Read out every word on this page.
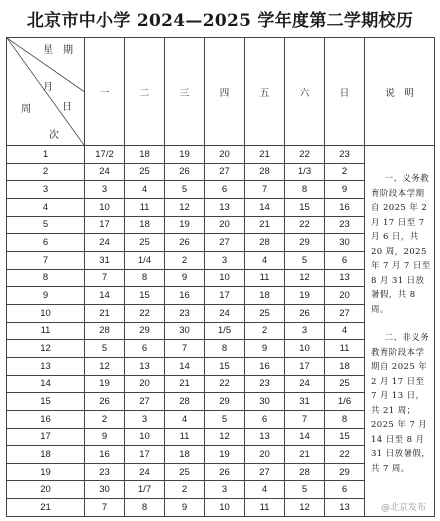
北京市中小学 2024—2025 学年度第二学期校历
星　期
月
日
周
次	一	二	三	四	五	六	日	说　明
1	17/2	18	19	20	21	22	23	一、义务教育阶段本学期自 2025 年 2 月 17 日至 7 月 6 日，共 20 周，2025 年 7 月 7 日至 8 月 31 日放暑假，共 8 周。
二、非义务教育阶段本学期自 2025 年 2 月 17 日至 7 月 13 日，共 21 周；2025 年 7 月 14 日至 8 月 31 日放暑假，共 7 周。

2	24	25	26	27	28	1/3	2	
3	3	4	5	6	7	8	9	
4	10	11	12	13	14	15	16	
5	17	18	19	20	21	22	23	
6	24	25	26	27	28	29	30	
7	31	1/4	2	3	4	5	6	
8	7	8	9	10	11	12	13	
9	14	15	16	17	18	19	20	
10	21	22	23	24	25	26	27	
11	28	29	30	1/5	2	3	4	
12	5	6	7	8	9	10	11	
13	12	13	14	15	16	17	18	
14	19	20	21	22	23	24	25	
15	26	27	28	29	30	31	1/6	
16	2	3	4	5	6	7	8	
17	9	10	11	12	13	14	15	
18	16	17	18	19	20	21	22	
19	23	24	25	26	27	28	29	
20	30	1/7	2	3	4	5	6	
21	7	8	9	10	11	12	13		@北京发布
